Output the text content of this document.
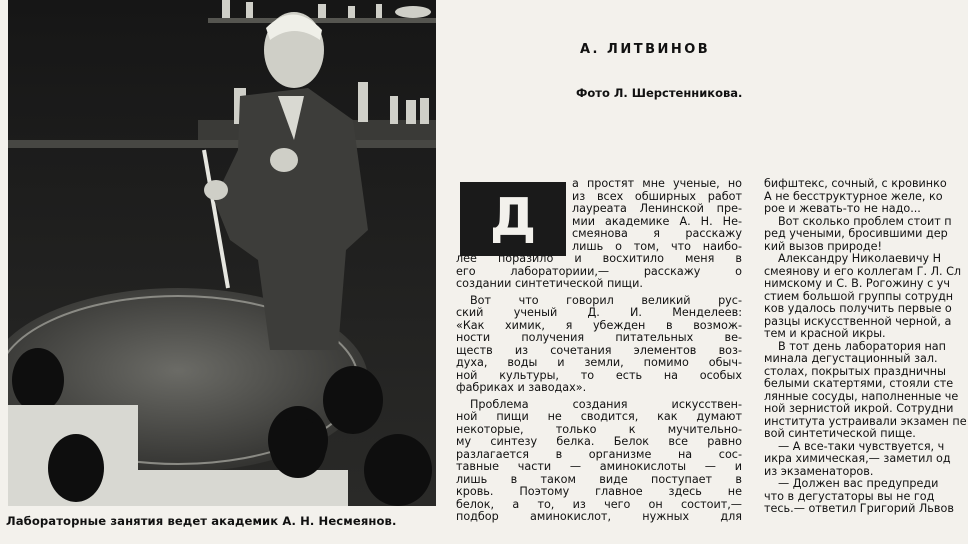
Лабораторные занятия ведет академик А. Н. Несмеянов.
А. ЛИТВИНОВ
Фото Л. Шерстенникова.
Д
а простят мне ученые, но
из всех обширных работ
лауреата Ленинской пре-
мии академике А. Н. Не-
смеянова я расскажу
лишь о том, что наибо-
лее поразило и восхитило меня в
его лабораториии,— расскажу о
создании синтетической пищи.
Вот что говорил великий рус-
ский ученый Д. И. Менделеев:
«Как химик, я убежден в возмож-
ности получения питательных ве-
ществ из сочетания элементов воз-
духа, воды и земли, помимо обыч-
ной культуры, то есть на особых
фабриках и заводах».
Проблема создания искусствен-
ной пищи не сводится, как думают
некоторые, только к мучительно-
му синтезу белка. Белок все равно
разлагается в организме на сос-
тавные части — аминокислоты — и
лишь в таком виде поступает в
кровь. Поэтому главное здесь не
белок, а то, из чего он состоит,—
подбор аминокислот, нужных для
бифштекс, сочный, с кровинко
А не бесструктурное желе, ко
рое и жевать-то не надо...
Вот сколько проблем стоит п
ред учеными, бросившими дер
кий вызов природе!
Александру Николаевичу Н
смеянову и его коллегам Г. Л. Сл
нимскому и С. В. Рогожину с уч
стием большой группы сотрудн
ков удалось получить первые о
разцы искусственной черной, а
тем и красной икры.
В тот день лаборатория нап
минала дегустационный зал.
столах, покрытых праздничны
белыми скатертями, стояли сте
лянные сосуды, наполненные че
ной зернистой икрой. Сотрудни
института устраивали экзамен пе
вой синтетической пище.
— А все-таки чувствуется, ч
икра химическая,— заметил од
из экзаменаторов.
— Должен вас предупреди
что в дегустаторы вы не год
тесь.— ответил Григорий Львов
